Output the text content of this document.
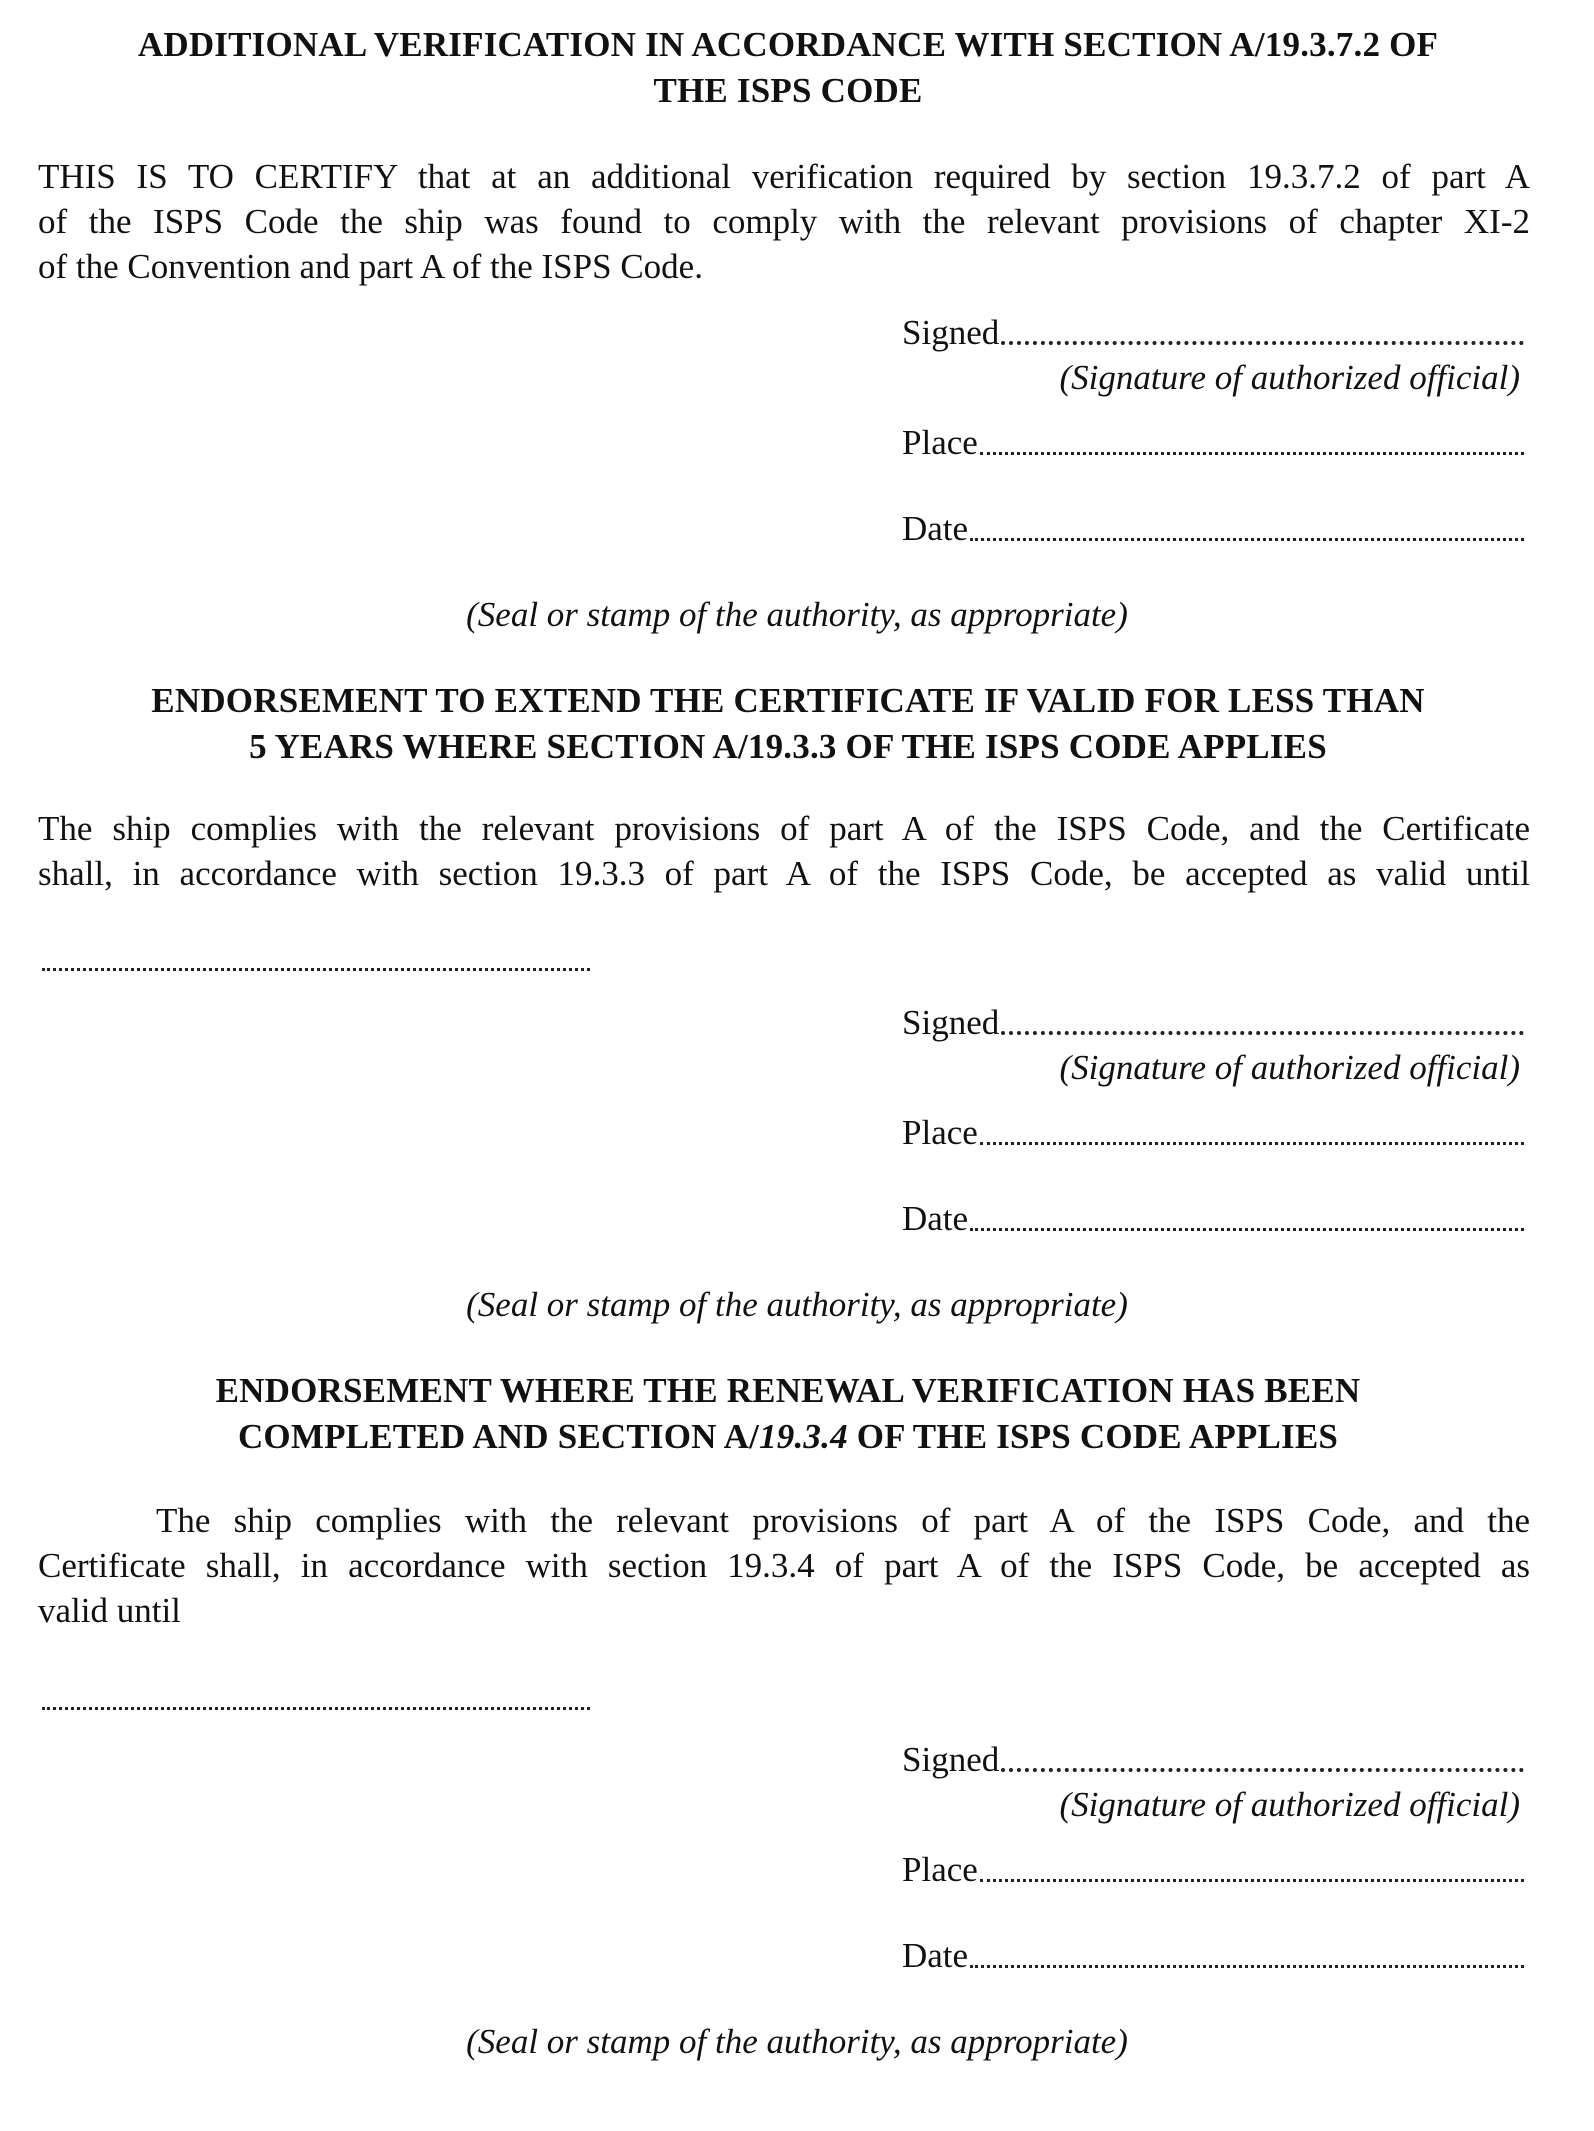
ADDITIONAL VERIFICATION IN ACCORDANCE WITH SECTION A/19.3.7.2 OF
THE ISPS CODE
THIS IS TO CERTIFY that at an additional verification required by section 19.3.7.2 of part A
of the ISPS Code the ship was found to comply with the relevant provisions of chapter XI-2
of the Convention and part A of the ISPS Code.
Signed
(Signature of authorized official)
Place
Date
(Seal or stamp of the authority, as appropriate)
ENDORSEMENT TO EXTEND THE CERTIFICATE IF VALID FOR LESS THAN
5 YEARS WHERE SECTION A/19.3.3 OF THE ISPS CODE APPLIES
The ship complies with the relevant provisions of part A of the ISPS Code, and the Certificate
shall, in accordance with section 19.3.3 of part A of the ISPS Code, be accepted as valid until
Signed
(Signature of authorized official)
Place
Date
(Seal or stamp of the authority, as appropriate)
ENDORSEMENT WHERE THE RENEWAL VERIFICATION HAS BEEN
COMPLETED AND SECTION A/19.3.4 OF THE ISPS CODE APPLIES
The ship complies with the relevant provisions of part A of the ISPS Code, and the
Certificate shall, in accordance with section 19.3.4 of part A of the ISPS Code, be accepted as
valid until
Signed
(Signature of authorized official)
Place
Date
(Seal or stamp of the authority, as appropriate)
